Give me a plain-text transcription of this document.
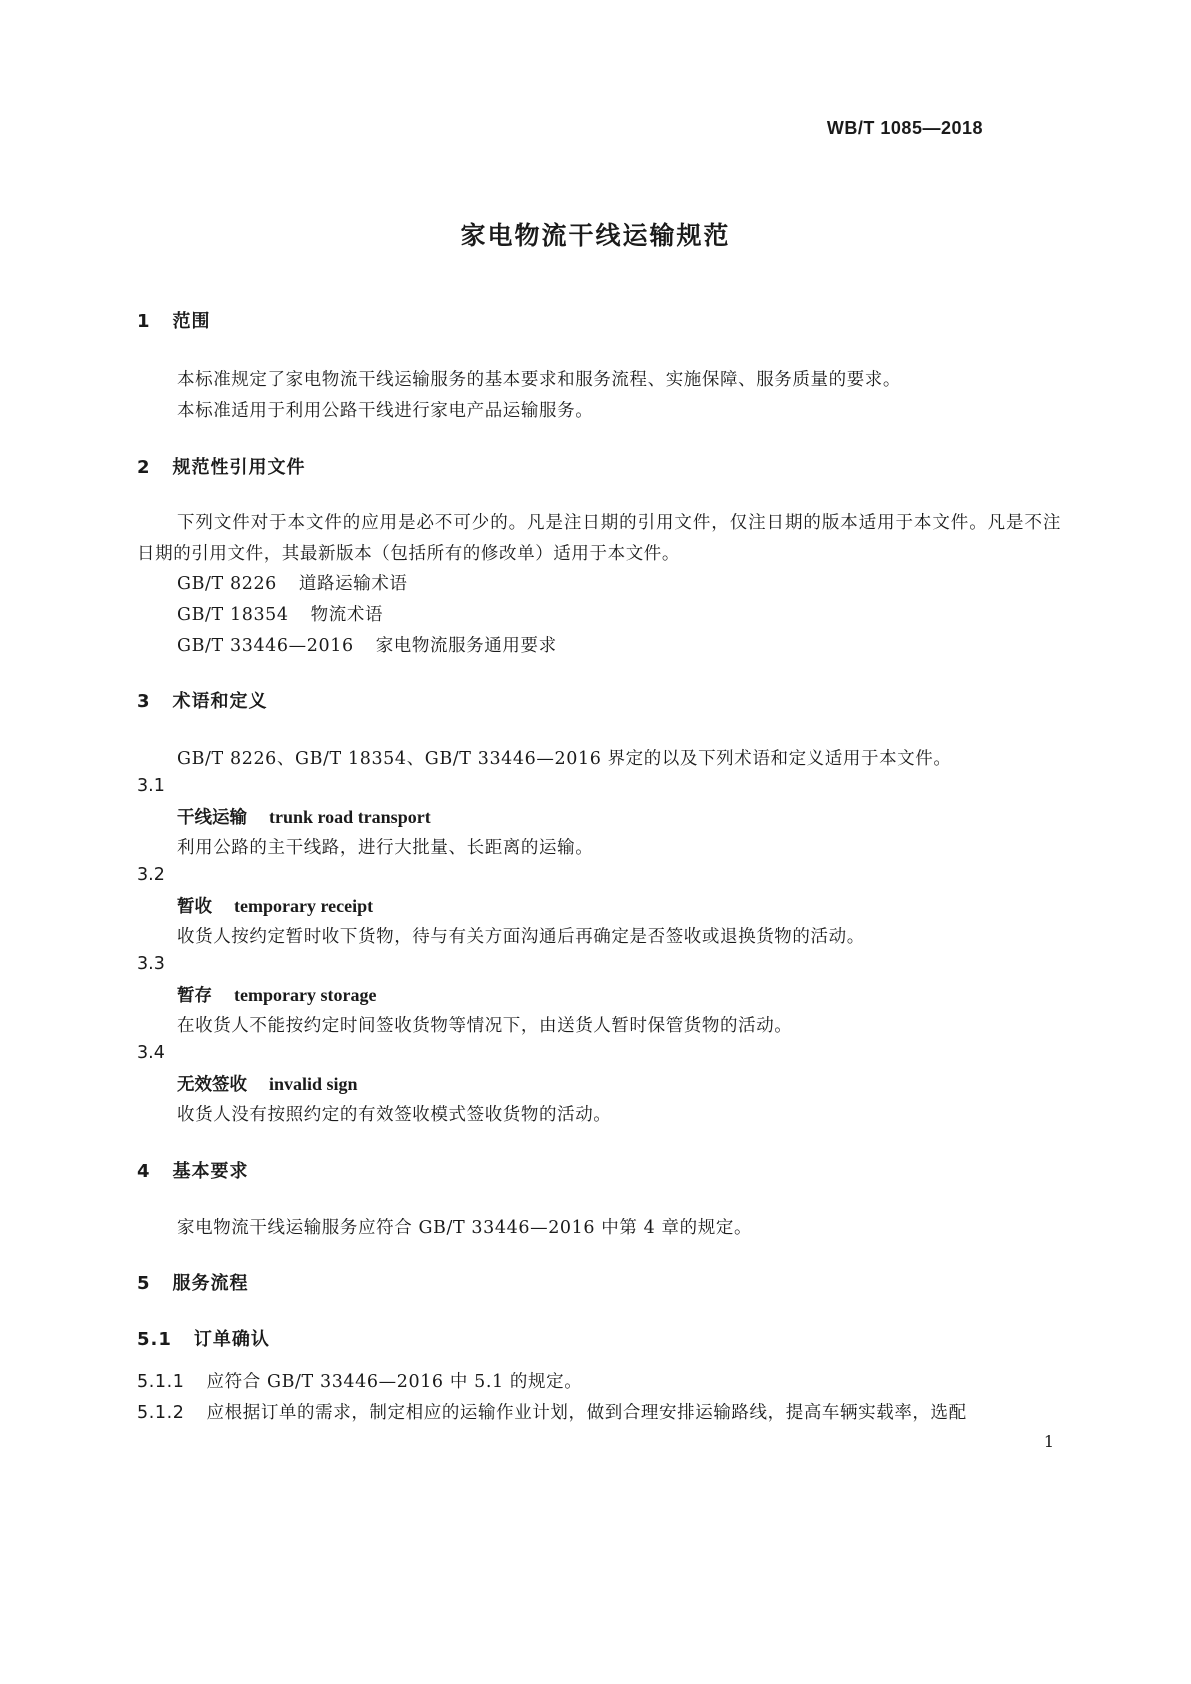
WB/T 1085—2018
家电物流干线运输规范
1 范围
本标准规定了家电物流干线运输服务的基本要求和服务流程、实施保障、服务质量的要求。
本标准适用于利用公路干线进行家电产品运输服务。
2 规范性引用文件
下列文件对于本文件的应用是必不可少的。凡是注日期的引用文件，仅注日期的版本适用于本文件。凡是不注日期的引用文件，其最新版本（包括所有的修改单）适用于本文件。
GB/T 8226 道路运输术语
GB/T 18354 物流术语
GB/T 33446—2016 家电物流服务通用要求
3 术语和定义
GB/T 8226、GB/T 18354、GB/T 33446—2016 界定的以及下列术语和定义适用于本文件。
3.1
干线运输 trunk road transport
利用公路的主干线路，进行大批量、长距离的运输。
3.2
暂收 temporary receipt
收货人按约定暂时收下货物，待与有关方面沟通后再确定是否签收或退换货物的活动。
3.3
暂存 temporary storage
在收货人不能按约定时间签收货物等情况下，由送货人暂时保管货物的活动。
3.4
无效签收 invalid sign
收货人没有按照约定的有效签收模式签收货物的活动。
4 基本要求
家电物流干线运输服务应符合 GB/T 33446—2016 中第 4 章的规定。
5 服务流程
5.1 订单确认
5.1.1 应符合 GB/T 33446—2016 中 5.1 的规定。
5.1.2 应根据订单的需求，制定相应的运输作业计划，做到合理安排运输路线，提高车辆实载率，选配
1
